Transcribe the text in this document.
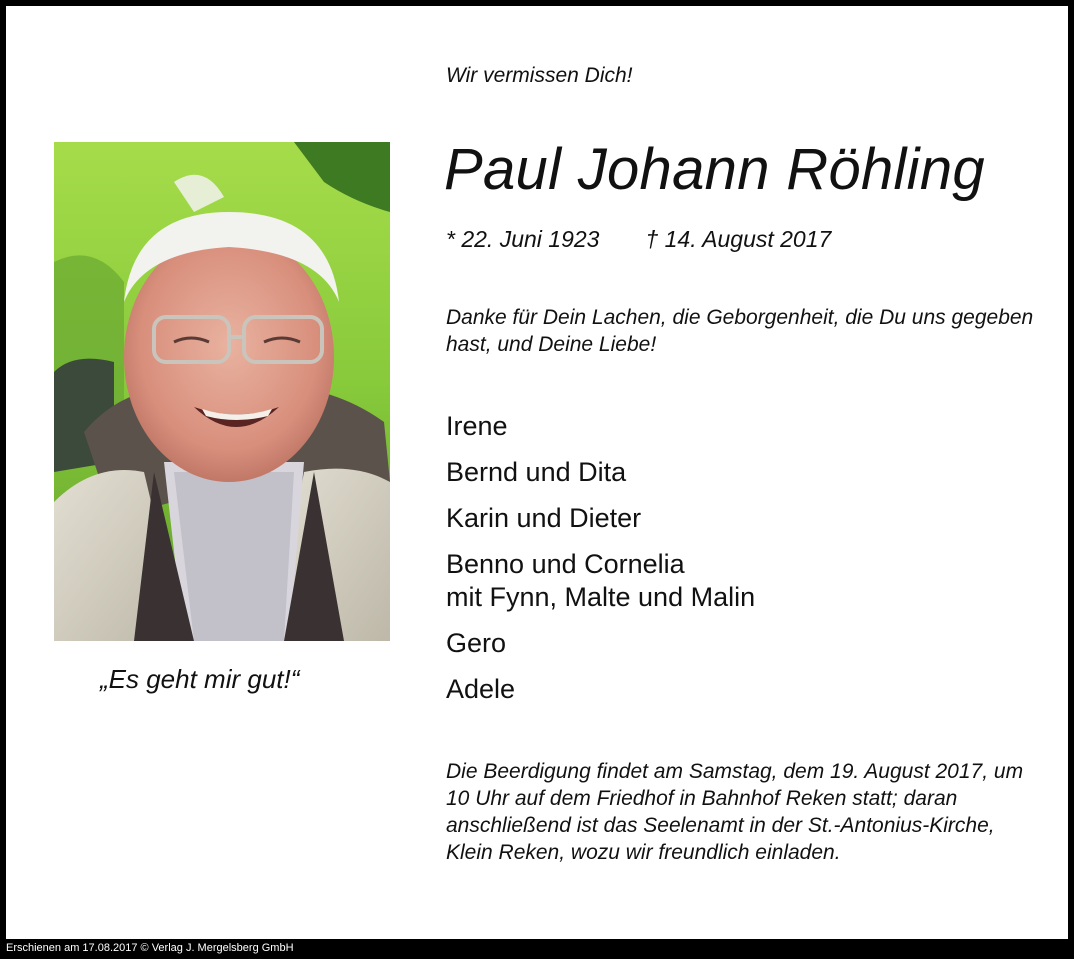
Wir vermissen Dich!
Paul Johann Röhling
* 22. Juni 1923 † 14. August 2017
Danke für Dein Lachen, die Geborgenheit, die Du uns gegeben hast, und Deine Liebe!
Irene
Bernd und Dita
Karin und Dieter
Benno und Cornelia
mit Fynn, Malte und Malin
Gero
Adele
Die Beerdigung findet am Samstag, dem 19. August 2017, um 10 Uhr auf dem Friedhof in Bahnhof Reken statt; daran anschließend ist das Seelenamt in der St.-Antonius-Kirche, Klein Reken, wozu wir freundlich einladen.
„Es geht mir gut!“
Erschienen am 17.08.2017 © Verlag J. Mergelsberg GmbH
